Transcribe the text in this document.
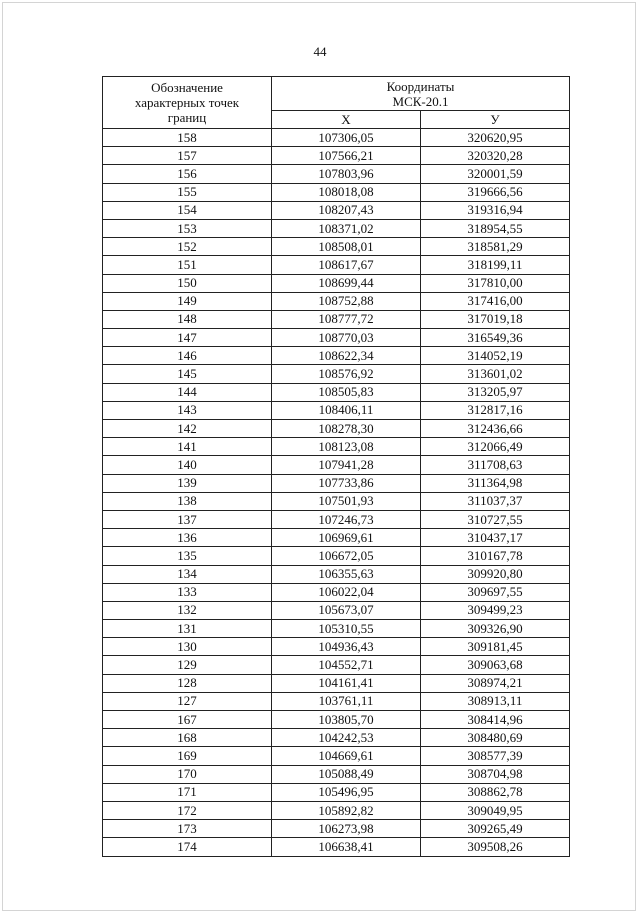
44
Обозначение
характерных точек
границ	Координаты
МСК-20.1	

	X	У
158	107306,05	320620,95
157	107566,21	320320,28
156	107803,96	320001,59
155	108018,08	319666,56
154	108207,43	319316,94
153	108371,02	318954,55
152	108508,01	318581,29
151	108617,67	318199,11
150	108699,44	317810,00
149	108752,88	317416,00
148	108777,72	317019,18
147	108770,03	316549,36
146	108622,34	314052,19
145	108576,92	313601,02
144	108505,83	313205,97
143	108406,11	312817,16
142	108278,30	312436,66
141	108123,08	312066,49
140	107941,28	311708,63
139	107733,86	311364,98
138	107501,93	311037,37
137	107246,73	310727,55
136	106969,61	310437,17
135	106672,05	310167,78
134	106355,63	309920,80
133	106022,04	309697,55
132	105673,07	309499,23
131	105310,55	309326,90
130	104936,43	309181,45
129	104552,71	309063,68
128	104161,41	308974,21
127	103761,11	308913,11
167	103805,70	308414,96
168	104242,53	308480,69
169	104669,61	308577,39
170	105088,49	308704,98
171	105496,95	308862,78
172	105892,82	309049,95
173	106273,98	309265,49
174	106638,41	309508,26
